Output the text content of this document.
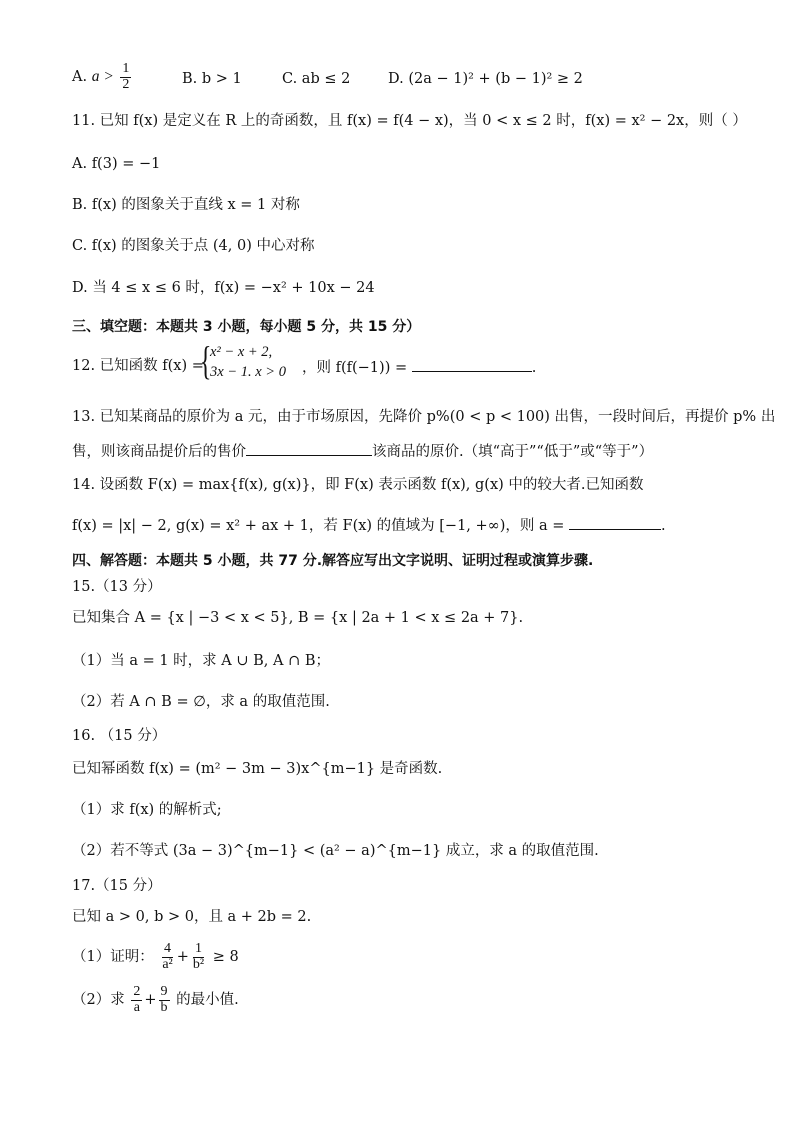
A. $a > \frac{1}{2}$	B. b > 1	C. ab ≤ 2	D. (2a − 1)² + (b − 1)² ≥ 2
11. 已知 f(x) 是定义在 R 上的奇函数，且 f(x) = f(4 − x)，当 0 < x ≤ 2 时，f(x) = x² − 2x，则（ ）
A. f(3) = −1
B. f(x) 的图象关于直线 x = 1 对称
C. f(x) 的图象关于点 (4, 0) 中心对称
D. 当 4 ≤ x ≤ 6 时，f(x) = −x² + 10x − 24
三、填空题：本题共 3 小题，每小题 5 分，共 15 分）
12. 已知函数 f(x) =
{
x² − x + 2,
3x − 1. x > 0 ，则 f(f(−1)) =	.
13. 已知某商品的原价为 a 元，由于市场原因，先降价 p%(0 < p < 100) 出售，一段时间后，再提价 p% 出
售，则该商品提价后的售价	该商品的原价.（填“高于”“低于”或“等于”）
14. 设函数 F(x) = max{f(x), g(x)}，即 F(x) 表示函数 f(x), g(x) 中的较大者.已知函数
f(x) = |x| − 2, g(x) = x² + ax + 1，若 F(x) 的值域为 [−1, +∞)，则 a =	.
四、解答题：本题共 5 小题，共 77 分.解答应写出文字说明、证明过程或演算步骤.
15.（13 分）
已知集合 A = {x | −3 < x < 5}, B = {x | 2a + 1 < x ≤ 2a + 7}.
（1）当 a = 1 时，求 A ∪ B, A ∩ B；
（2）若 A ∩ B = ∅，求 a 的取值范围.
16. （15 分）
已知幂函数 f(x) = (m² − 3m − 3)x^{m−1} 是奇函数.
（1）求 f(x) 的解析式;
（2）若不等式 (3a − 3)^{m−1} < (a² − a)^{m−1} 成立，求 a 的取值范围.
17.（15 分）
已知 a > 0, b > 0，且 a + 2b = 2.
（1）证明： $\frac{4}{\text{a²}} + \frac{1}{\text{b²}} \ge 8$
（2）求 $\frac{2}{a} + \frac{9}{b}$ 的最小值.
